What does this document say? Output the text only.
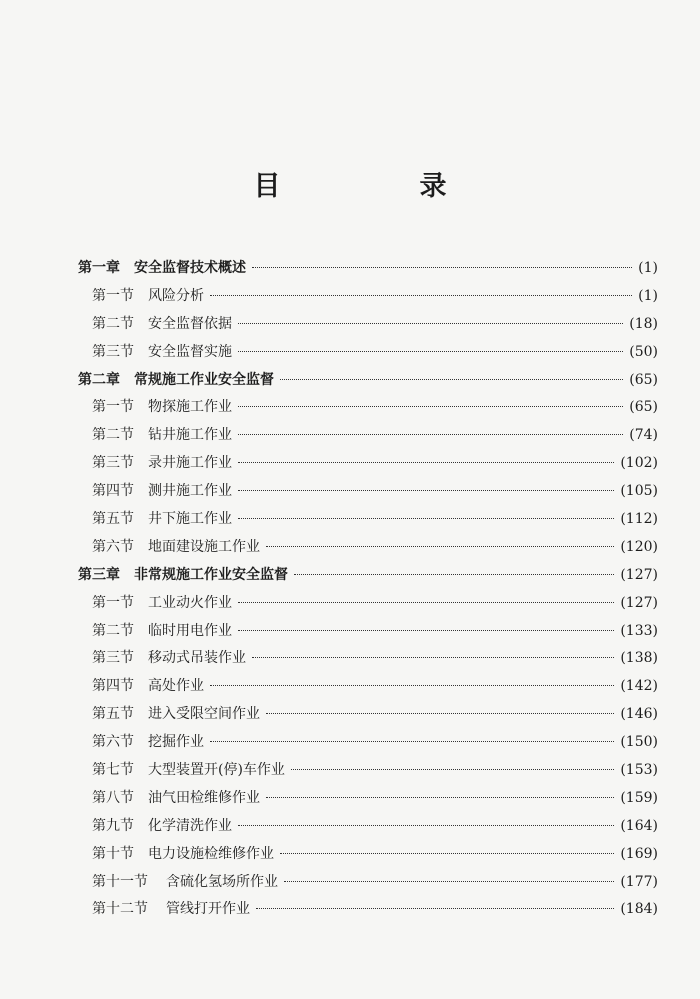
目　录
第一章 安全监督技术概述	(1)
第一节 风险分析	(1)
第二节 安全监督依据	(18)
第三节 安全监督实施	(50)
第二章 常规施工作业安全监督	(65)
第一节 物探施工作业	(65)
第二节 钻井施工作业	(74)
第三节 录井施工作业	(102)
第四节 测井施工作业	(105)
第五节 井下施工作业	(112)
第六节 地面建设施工作业	(120)
第三章 非常规施工作业安全监督	(127)
第一节 工业动火作业	(127)
第二节 临时用电作业	(133)
第三节 移动式吊装作业	(138)
第四节 高处作业	(142)
第五节 进入受限空间作业	(146)
第六节 挖掘作业	(150)
第七节 大型装置开(停)车作业	(153)
第八节 油气田检维修作业	(159)
第九节 化学清洗作业	(164)
第十节 电力设施检维修作业	(169)
第十一节 含硫化氢场所作业	(177)
第十二节 管线打开作业	(184)
